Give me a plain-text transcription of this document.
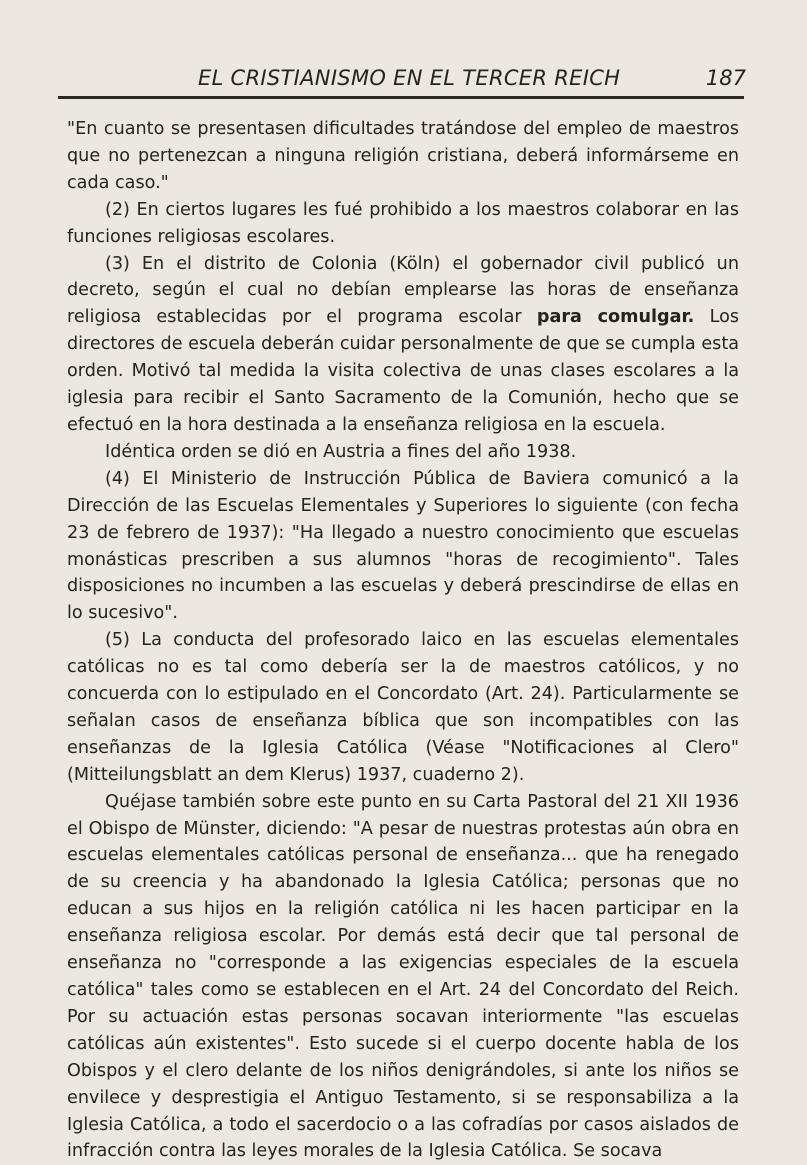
EL CRISTIANISMO EN EL TERCER REICH	187

"En cuanto se presentasen dificultades tratándose del empleo de maestros que no pertenezcan a ninguna religión cristiana, deberá informárseme en cada caso."

(2) En ciertos lugares les fué prohibido a los maestros colaborar en las funciones religiosas escolares.

(3) En el distrito de Colonia (Köln) el gobernador civil publicó un decreto, según el cual no debían emplearse las horas de enseñanza religiosa establecidas por el programa escolar para comulgar. Los directores de escuela deberán cuidar personalmente de que se cumpla esta orden. Motivó tal medida la visita colectiva de unas clases escolares a la iglesia para recibir el Santo Sacramento de la Comunión, hecho que se efectuó en la hora destinada a la enseñanza religiosa en la escuela.

Idéntica orden se dió en Austria a fines del año 1938.

(4) El Ministerio de Instrucción Pública de Baviera comunicó a la Dirección de las Escuelas Elementales y Superiores lo siguiente (con fecha 23 de febrero de 1937): "Ha llegado a nuestro conocimiento que escuelas monásticas prescriben a sus alumnos "horas de recogimiento". Tales disposiciones no incumben a las escuelas y deberá prescindirse de ellas en lo sucesivo".

(5) La conducta del profesorado laico en las escuelas elementales católicas no es tal como debería ser la de maestros católicos, y no concuerda con lo estipulado en el Concordato (Art. 24). Particularmente se señalan casos de enseñanza bíblica que son incompatibles con las enseñanzas de la Iglesia Católica (Véase "Notificaciones al Clero" (Mitteilungsblatt an dem Klerus) 1937, cuaderno 2).

Quéjase también sobre este punto en su Carta Pastoral del 21 XII 1936 el Obispo de Münster, diciendo: "A pesar de nuestras protestas aún obra en escuelas elementales católicas personal de enseñanza... que ha renegado de su creencia y ha abandonado la Iglesia Católica; personas que no educan a sus hijos en la religión católica ni les hacen participar en la enseñanza religiosa escolar. Por demás está decir que tal personal de enseñanza no "corresponde a las exigencias especiales de la escuela católica" tales como se establecen en el Art. 24 del Concordato del Reich. Por su actuación estas personas socavan interiormente "las escuelas católicas aún existentes". Esto sucede si el cuerpo docente habla de los Obispos y el clero delante de los niños denigrándoles, si ante los niños se envilece y desprestigia el Antiguo Testamento, si se responsabiliza a la Iglesia Católica, a todo el sacerdocio o a las cofradías por casos aislados de infracción contra las leyes morales de la Iglesia Católica. Se socava
